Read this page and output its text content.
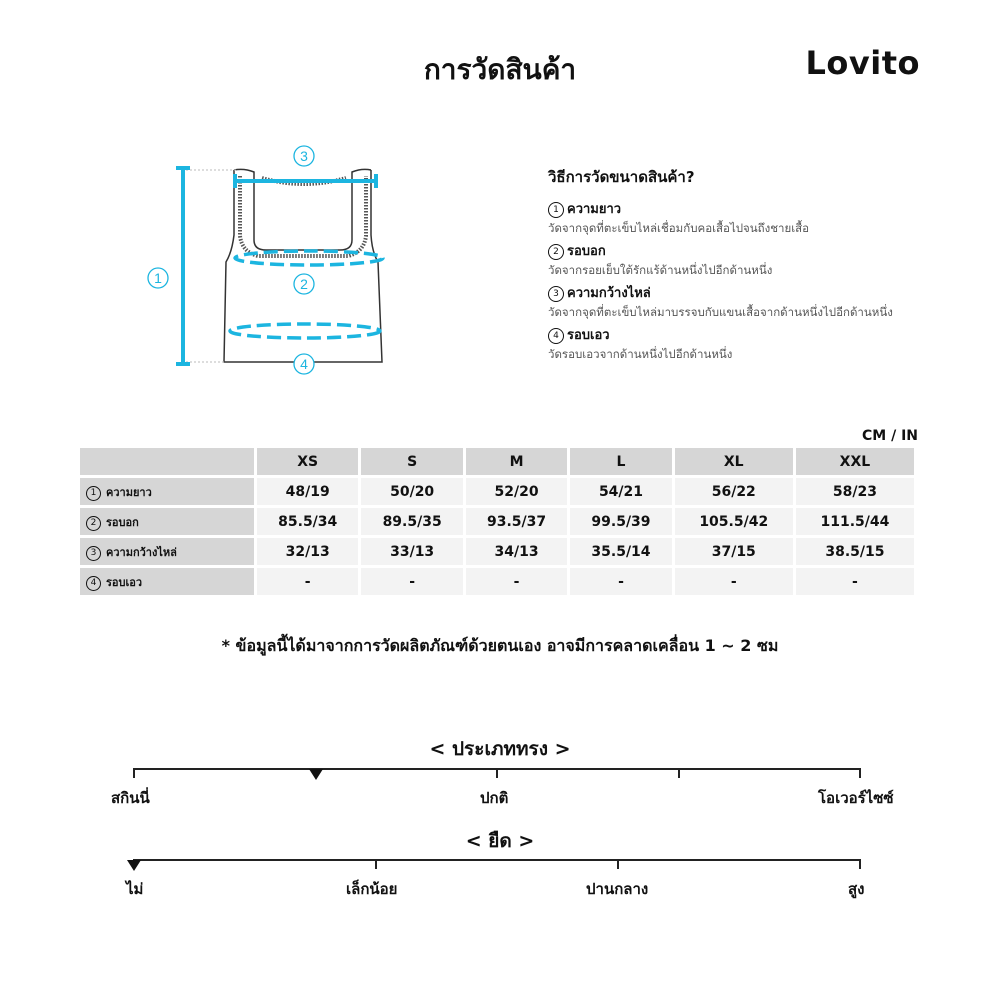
การวัดสินค้า	Lovito
1	2
3
4
วิธีการวัดขนาดสินค้า?
1 ความยาว
วัดจากจุดที่ตะเข็บไหล่เชื่อมกับคอเสื้อไปจนถึงชายเสื้อ
2 รอบอก
วัดจากรอยเย็บใต้รักแร้ด้านหนึ่งไปอีกด้านหนึ่ง
3 ความกว้างไหล่
วัดจากจุดที่ตะเข็บไหล่มาบรรจบกับแขนเสื้อจากด้านหนึ่งไปอีกด้านหนึ่ง
4 รอบเอว
วัดรอบเอวจากด้านหนึ่งไปอีกด้านหนึ่ง
CM / IN
	XS	S	M	L	XL	XXL
1 ความยาว	48/19	50/20	52/20	54/21	56/22	58/23
2 รอบอก	85.5/34	89.5/35	93.5/37	99.5/39	105.5/42	111.5/44
3 ความกว้างไหล่	32/13	33/13	34/13	35.5/14	37/15	38.5/15
4 รอบเอว	-	-	-	-	-	-
* ข้อมูลนี้ได้มาจากการวัดผลิตภัณฑ์ด้วยตนเอง อาจมีการคลาดเคลื่อน 1 ~ 2 ซม
< ประเภททรง >
สกินนี่	ปกติ	โอเวอร์ไซซ์
< ยืด >
ไม่	เล็กน้อย	ปานกลาง	สูง
